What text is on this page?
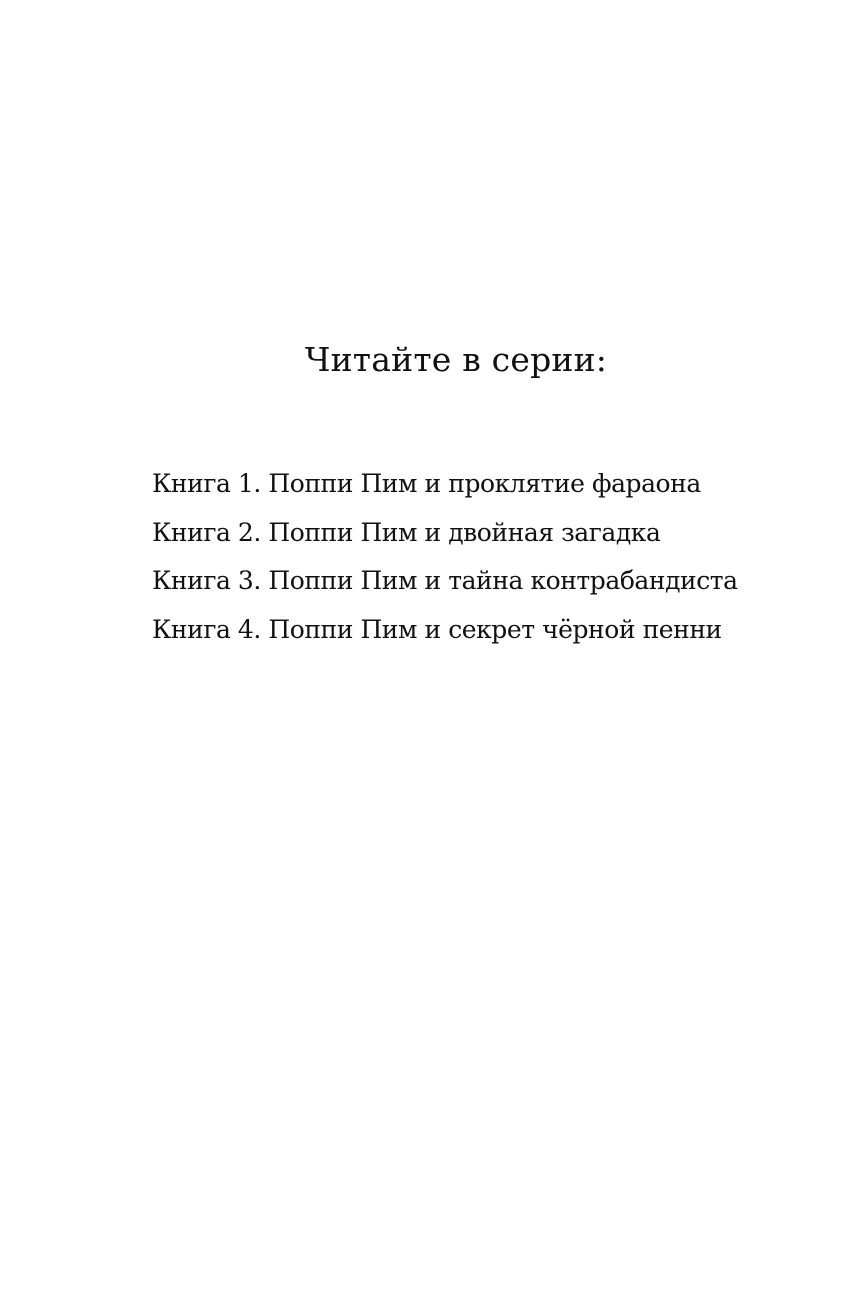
Читайте в серии:
Книга 1. Поппи Пим и проклятие фараона
Книга 2. Поппи Пим и двойная загадка
Книга 3. Поппи Пим и тайна контрабандиста
Книга 4. Поппи Пим и секрет чёрной пенни
